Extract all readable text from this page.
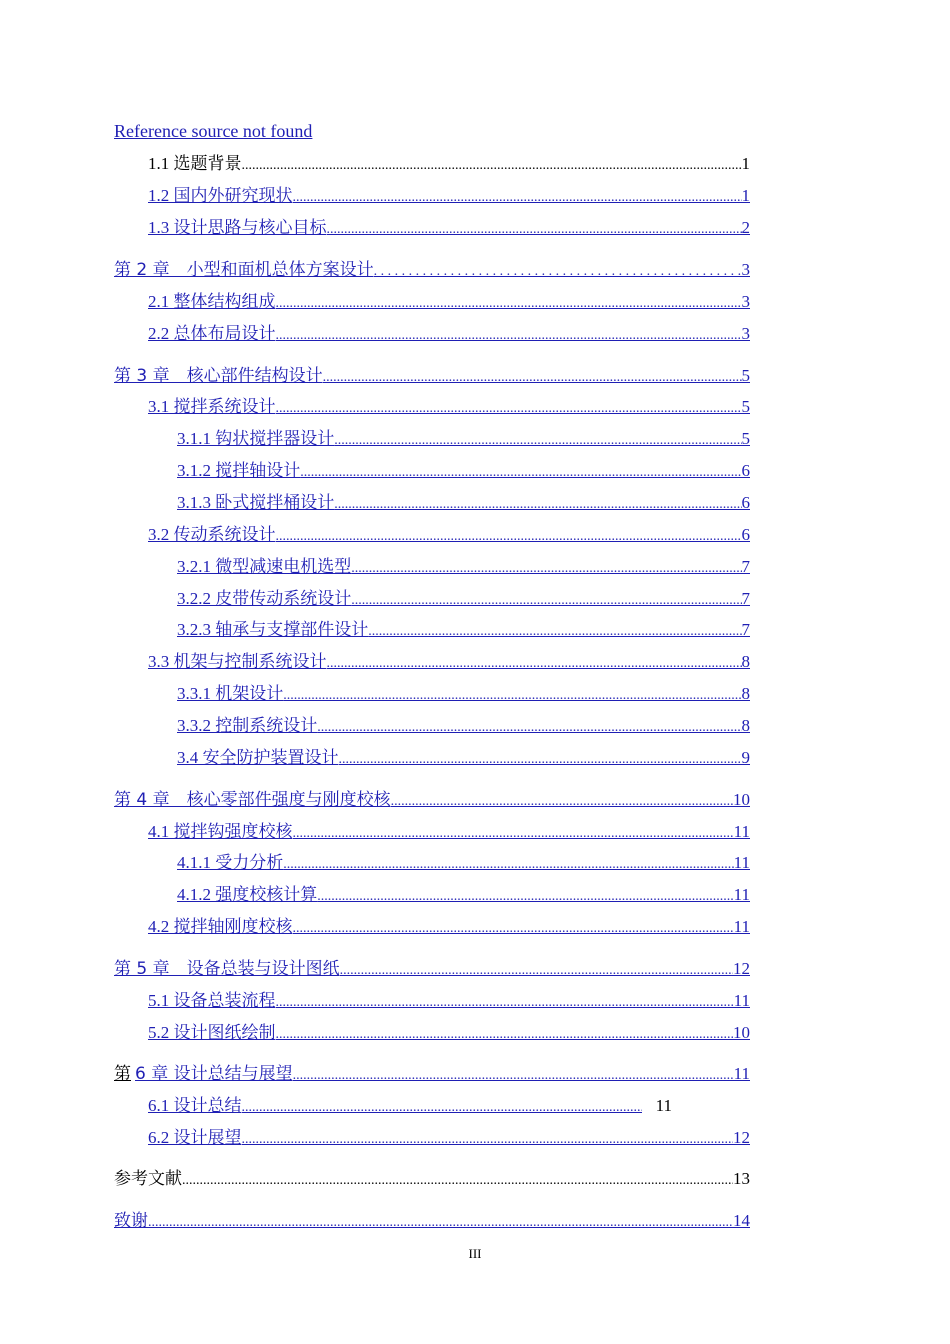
Reference source not found
1.1 选题背景 .....	1
1.2 国内外研究现状 .....	1
1.3 设计思路与核心目标 .....	2
第 2 章　小型和面机总体方案设计 . . .	3
2.1 整体结构组成 .....	3
2.2 总体布局设计 .....	3
第 3 章　核心部件结构设计 .....	5
3.1 搅拌系统设计 .....	5
3.1.1 钩状搅拌器设计 .....	5
3.1.2 搅拌轴设计 .....	6
3.1.3 卧式搅拌桶设计 .....	6
3.2 传动系统设计 .....	6
3.2.1 微型减速电机选型 .....	7
3.2.2 皮带传动系统设计 .....	7
3.2.3 轴承与支撑部件设计 .....	7
3.3 机架与控制系统设计 .....	8
3.3.1 机架设计 .....	8
3.3.2 控制系统设计 .....	8
3.4 安全防护装置设计 .....	9
第 4 章　核心零部件强度与刚度校核 .....	10
4.1 搅拌钩强度校核 .....	11
4.1.1 受力分析 .....	11
4.1.2 强度校核计算 .....	11
4.2 搅拌轴刚度校核 .....	11
第 5 章　设备总装与设计图纸 .....	12
5.1 设备总装流程 .....	11
5.2 设计图纸绘制 .....	10
第 6 章 设计总结与展望 .....	11
6.1 设计总结 .....	11
6.2 设计展望 .....	12
参考文献 .....	13
致谢 .....	14
III
